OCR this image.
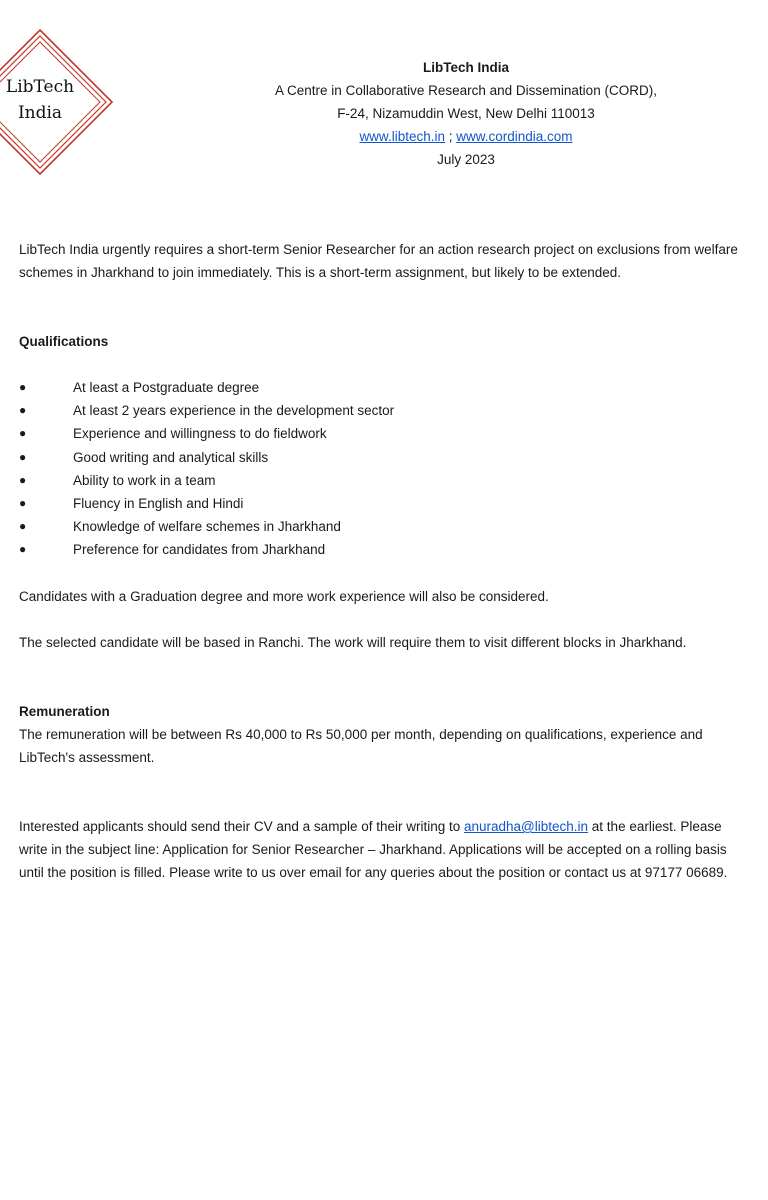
LibTech
India
LibTech India
A Centre in Collaborative Research and Dissemination (CORD),
F-24, Nizamuddin West, New Delhi 110013
www.libtech.in ; www.cordindia.com
July 2023
LibTech India urgently requires a short-term Senior Researcher for an action research project on exclusions from welfare schemes in Jharkhand to join immediately. This is a short-term assignment, but likely to be extended.
Qualifications
●	At least a Postgraduate degree
●	At least 2 years experience in the development sector
●	Experience and willingness to do fieldwork
●	Good writing and analytical skills
●	Ability to work in a team
●	Fluency in English and Hindi
●	Knowledge of welfare schemes in Jharkhand
●	Preference for candidates from Jharkhand
Candidates with a Graduation degree and more work experience will also be considered.
The selected candidate will be based in Ranchi. The work will require them to visit different blocks in Jharkhand.
Remuneration
The remuneration will be between Rs 40,000 to Rs 50,000 per month, depending on qualifications, experience and LibTech's assessment.
Interested applicants should send their CV and a sample of their writing to anuradha@libtech.in at the earliest. Please write in the subject line: Application for Senior Researcher – Jharkhand. Applications will be accepted on a rolling basis until the position is filled. Please write to us over email for any queries about the position or contact us at 97177 06689.
